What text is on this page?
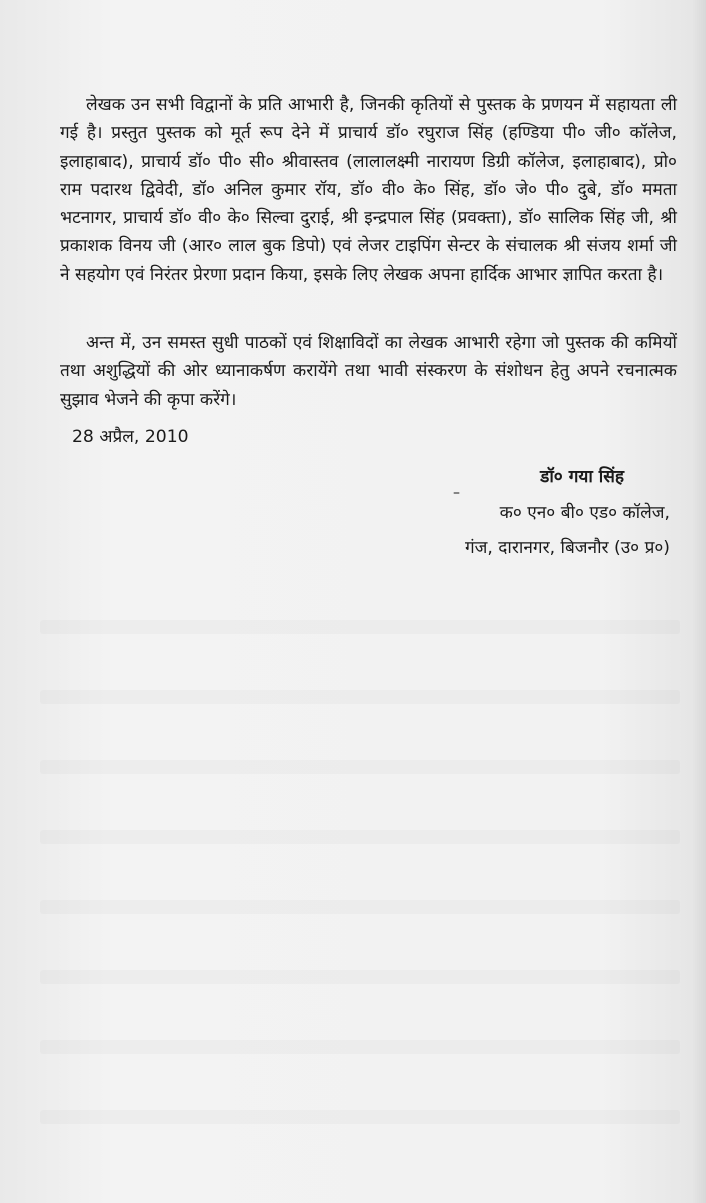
लेखक उन सभी विद्वानों के प्रति आभारी है, जिनकी कृतियों से पुस्तक के प्रणयन में सहायता ली गई है। प्रस्तुत पुस्तक को मूर्त रूप देने में प्राचार्य डॉ० रघुराज सिंह (हण्डिया पी० जी० कॉलेज, इलाहाबाद), प्राचार्य डॉ० पी० सी० श्रीवास्तव (लालालक्ष्मी नारायण डिग्री कॉलेज, इलाहाबाद), प्रो० राम पदारथ द्विवेदी, डॉ० अनिल कुमार रॉय, डॉ० वी० के० सिंह, डॉ० जे० पी० दुबे, डॉ० ममता भटनागर, प्राचार्य डॉ० वी० के० सिल्वा दुराई, श्री इन्द्रपाल सिंह (प्रवक्ता), डॉ० सालिक सिंह जी, श्री प्रकाशक विनय जी (आर० लाल बुक डिपो) एवं लेजर टाइपिंग सेन्टर के संचालक श्री संजय शर्मा जी ने सहयोग एवं निरंतर प्रेरणा प्रदान किया, इसके लिए लेखक अपना हार्दिक आभार ज्ञापित करता है।

अन्त में, उन समस्त सुधी पाठकों एवं शिक्षाविदों का लेखक आभारी रहेगा जो पुस्तक की कमियों तथा अशुद्धियों की ओर ध्यानाकर्षण करायेंगे तथा भावी संस्करण के संशोधन हेतु अपने रचनात्मक सुझाव भेजने की कृपा करेंगे।

28 अप्रैल, 2010
डॉ० गया सिंह
–
क० एन० बी० एड० कॉलेज,
गंज, दारानगर, बिजनौर (उ० प्र०)
